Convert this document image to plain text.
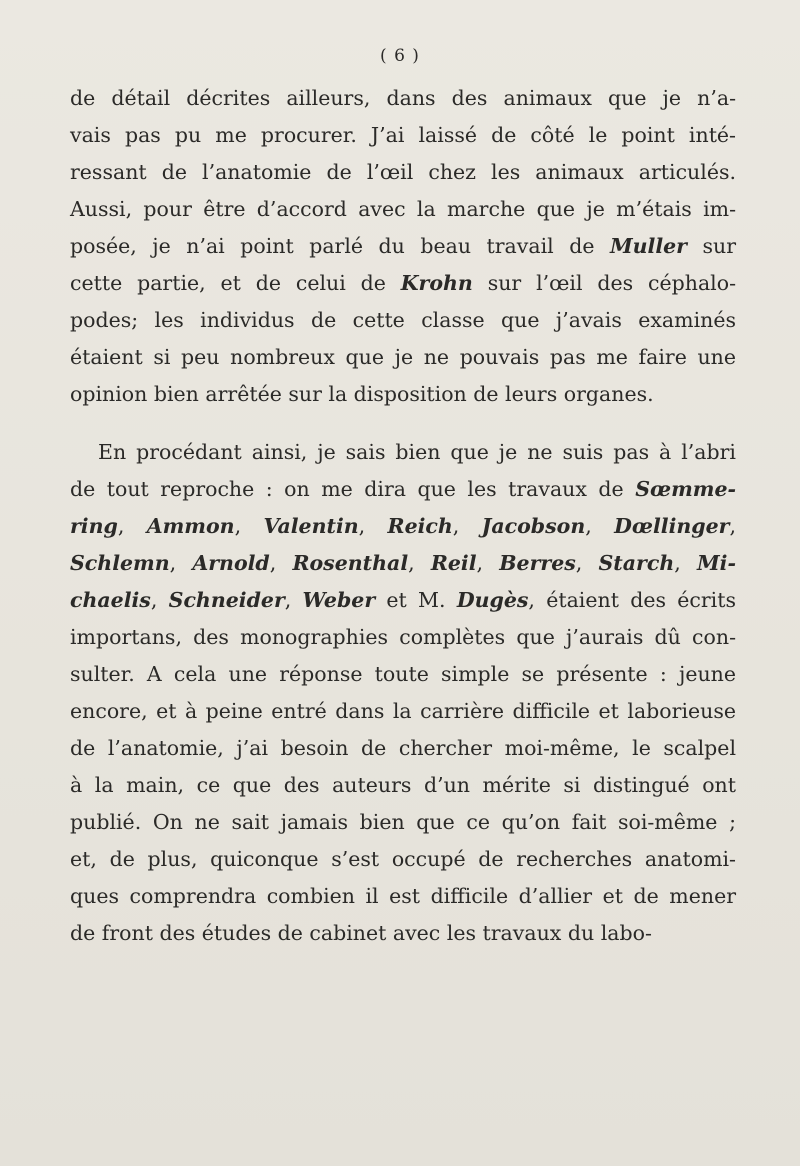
( 6 )
de détail décrites ailleurs, dans des animaux que je n’a-
vais pas pu me procurer. J’ai laissé de côté le point inté-
ressant de l’anatomie de l’œil chez les animaux articulés.
Aussi, pour être d’accord avec la marche que je m’étais im-
posée, je n’ai point parlé du beau travail de Muller sur
cette partie, et de celui de Krohn sur l’œil des céphalo-
podes; les individus de cette classe que j’avais examinés
étaient si peu nombreux que je ne pouvais pas me faire une
opinion bien arrêtée sur la disposition de leurs organes.
En procédant ainsi, je sais bien que je ne suis pas à l’abri
de tout reproche : on me dira que les travaux de Sœmme-
ring, Ammon, Valentin, Reich, Jacobson, Dœllinger,
Schlemn, Arnold, Rosenthal, Reil, Berres, Starch, Mi-
chaelis, Schneider, Weber et M. Dugès, étaient des écrits
importans, des monographies complètes que j’aurais dû con-
sulter. A cela une réponse toute simple se présente : jeune
encore, et à peine entré dans la carrière difficile et laborieuse
de l’anatomie, j’ai besoin de chercher moi-même, le scalpel
à la main, ce que des auteurs d’un mérite si distingué ont
publié. On ne sait jamais bien que ce qu’on fait soi-même ;
et, de plus, quiconque s’est occupé de recherches anatomi-
ques comprendra combien il est difficile d’allier et de mener
de front des études de cabinet avec les travaux du labo-
